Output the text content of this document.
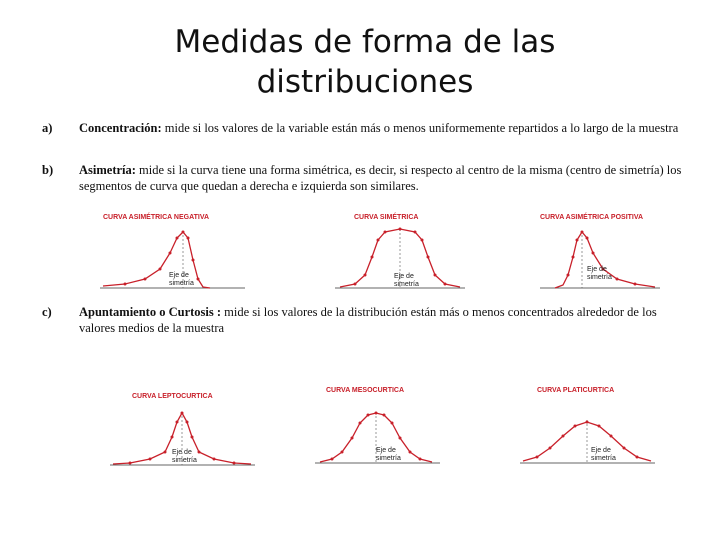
Medidas de forma de las
distribuciones
a) Concentración: mide si los valores de la variable están más o menos uniformemente repartidos a lo largo de la muestra
b) Asimetría: mide si la curva tiene una forma simétrica, es decir, si respecto al centro de la misma (centro de simetría) los segmentos de curva que quedan a derecha e izquierda son similares.
c) Apuntamiento o Curtosis : mide si los valores de la distribución están más o menos concentrados alrededor de los valores medios de la muestra
CURVA ASIMÉTRICA NEGATIVA
Eje de
simetría
CURVA SIMÉTRICA
Eje de
simetría
CURVA ASIMÉTRICA POSITIVA
Eje de
simetría
CURVA LEPTOCURTICA
Eje de
simetría
CURVA MESOCURTICA
Eje de
simetría
CURVA PLATICURTICA
Eje de
simetría
